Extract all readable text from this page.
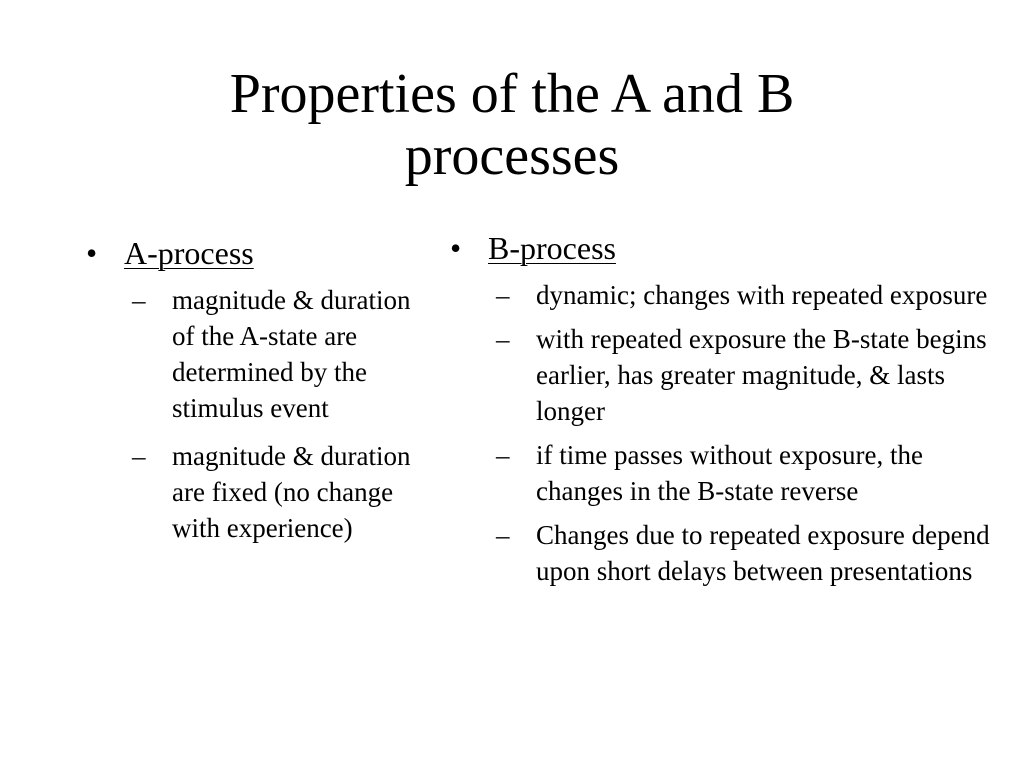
Properties of the A and B
processes
• A-process
– magnitude & duration of the A-state are determined by the stimulus event
– magnitude & duration are fixed (no change with experience)
• B-process
– dynamic; changes with repeated exposure
– with repeated exposure the B-state begins earlier, has greater magnitude, & lasts longer
– if time passes without exposure, the changes in the B-state reverse
– Changes due to repeated exposure depend upon short delays between presentations
